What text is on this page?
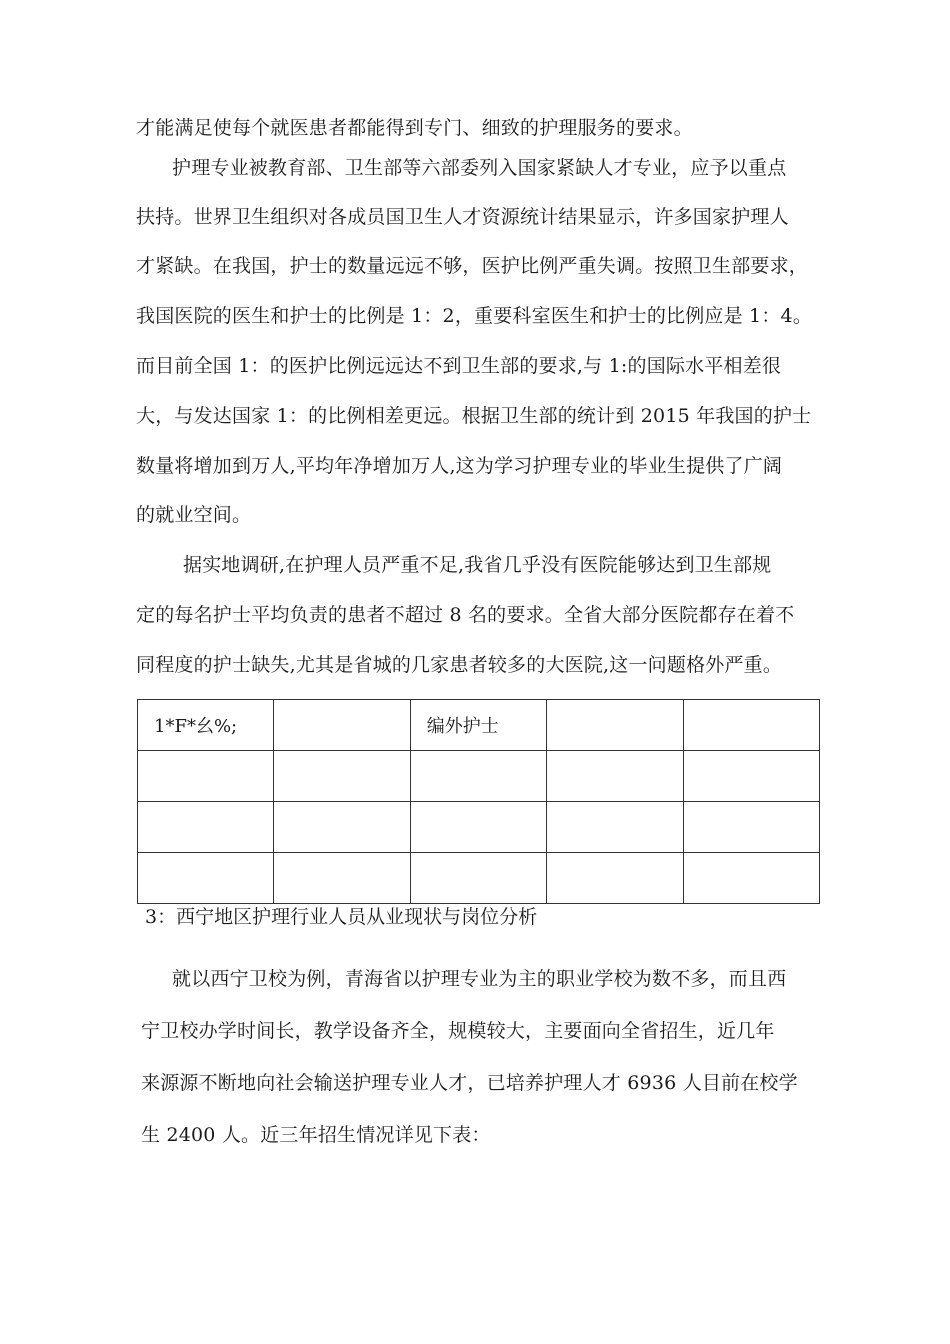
才能满足使每个就医患者都能得到专门、细致的护理服务的要求。
护理专业被教育部、卫生部等六部委列入国家紧缺人才专业，应予以重点
扶持。世界卫生组织对各成员国卫生人才资源统计结果显示，许多国家护理人
才紧缺。在我国，护士的数量远远不够，医护比例严重失调。按照卫生部要求，
我国医院的医生和护士的比例是 1：2，重要科室医生和护士的比例应是 1：4。
而目前全国 1：的医护比例远远达不到卫生部的要求,与 1:的国际水平相差很
大，与发达国家 1：的比例相差更远。根据卫生部的统计到 2015 年我国的护士
数量将增加到万人,平均年净增加万人,这为学习护理专业的毕业生提供了广阔
的就业空间。
据实地调研,在护理人员严重不足,我省几乎没有医院能够达到卫生部规
定的每名护士平均负责的患者不超过 8 名的要求。全省大部分医院都存在着不
同程度的护士缺失,尤其是省城的几家患者较多的大医院,这一问题格外严重。
1*F*幺%;		编外护士		

3：西宁地区护理行业人员从业现状与岗位分析
就以西宁卫校为例，青海省以护理专业为主的职业学校为数不多，而且西
宁卫校办学时间长，教学设备齐全，规模较大，主要面向全省招生，近几年
来源源不断地向社会输送护理专业人才，已培养护理人才 6936 人目前在校学
生 2400 人。近三年招生情况详见下表：
